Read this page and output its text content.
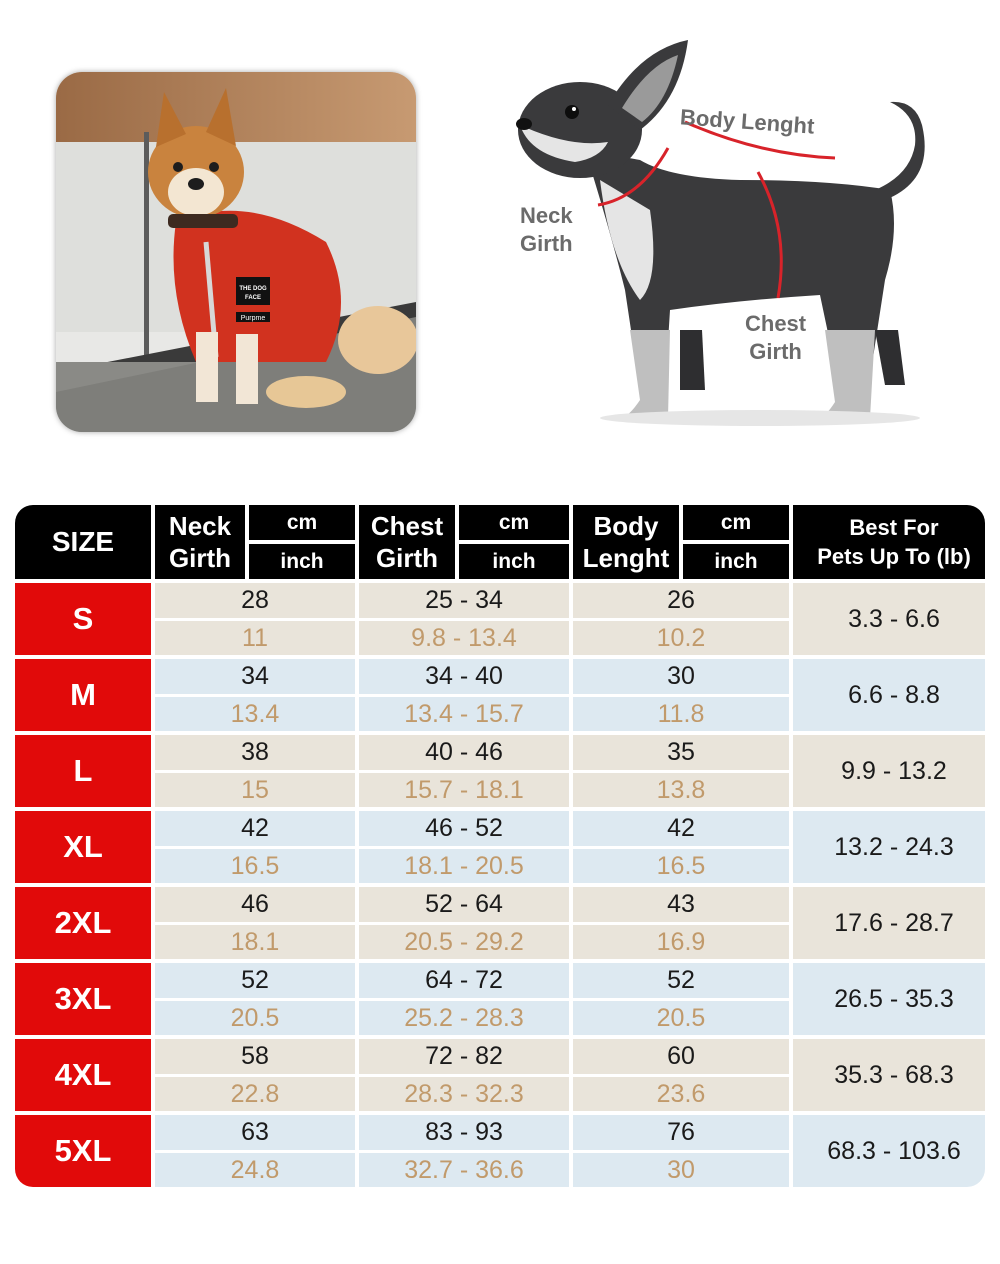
THE DOG
FACE
Purpme
Body Lenght
Neck
Girth
Chest
Girth
SIZE	Neck
Girth
cm
inch
Chest
Girth
cm
inch
Body
Lenght
cm
inch
Best For
Pets Up To (lb)
S
28
11
25 - 34
9.8 - 13.4
26
10.2
3.3 - 6.6
M
34
13.4
34 - 40
13.4 - 15.7
30
11.8
6.6 - 8.8
L
38
15
40 - 46
15.7 - 18.1
35
13.8
9.9 - 13.2
XL
42
16.5
46 - 52
18.1 - 20.5
42
16.5
13.2 - 24.3
2XL
46
18.1
52 - 64
20.5 - 29.2
43
16.9
17.6 - 28.7
3XL
52
20.5
64 - 72
25.2 - 28.3
52
20.5
26.5 - 35.3
4XL
58
22.8
72 - 82
28.3 - 32.3
60
23.6
35.3 - 68.3
5XL
63
24.8
83 - 93
32.7 - 36.6
76
30
68.3 - 103.6
